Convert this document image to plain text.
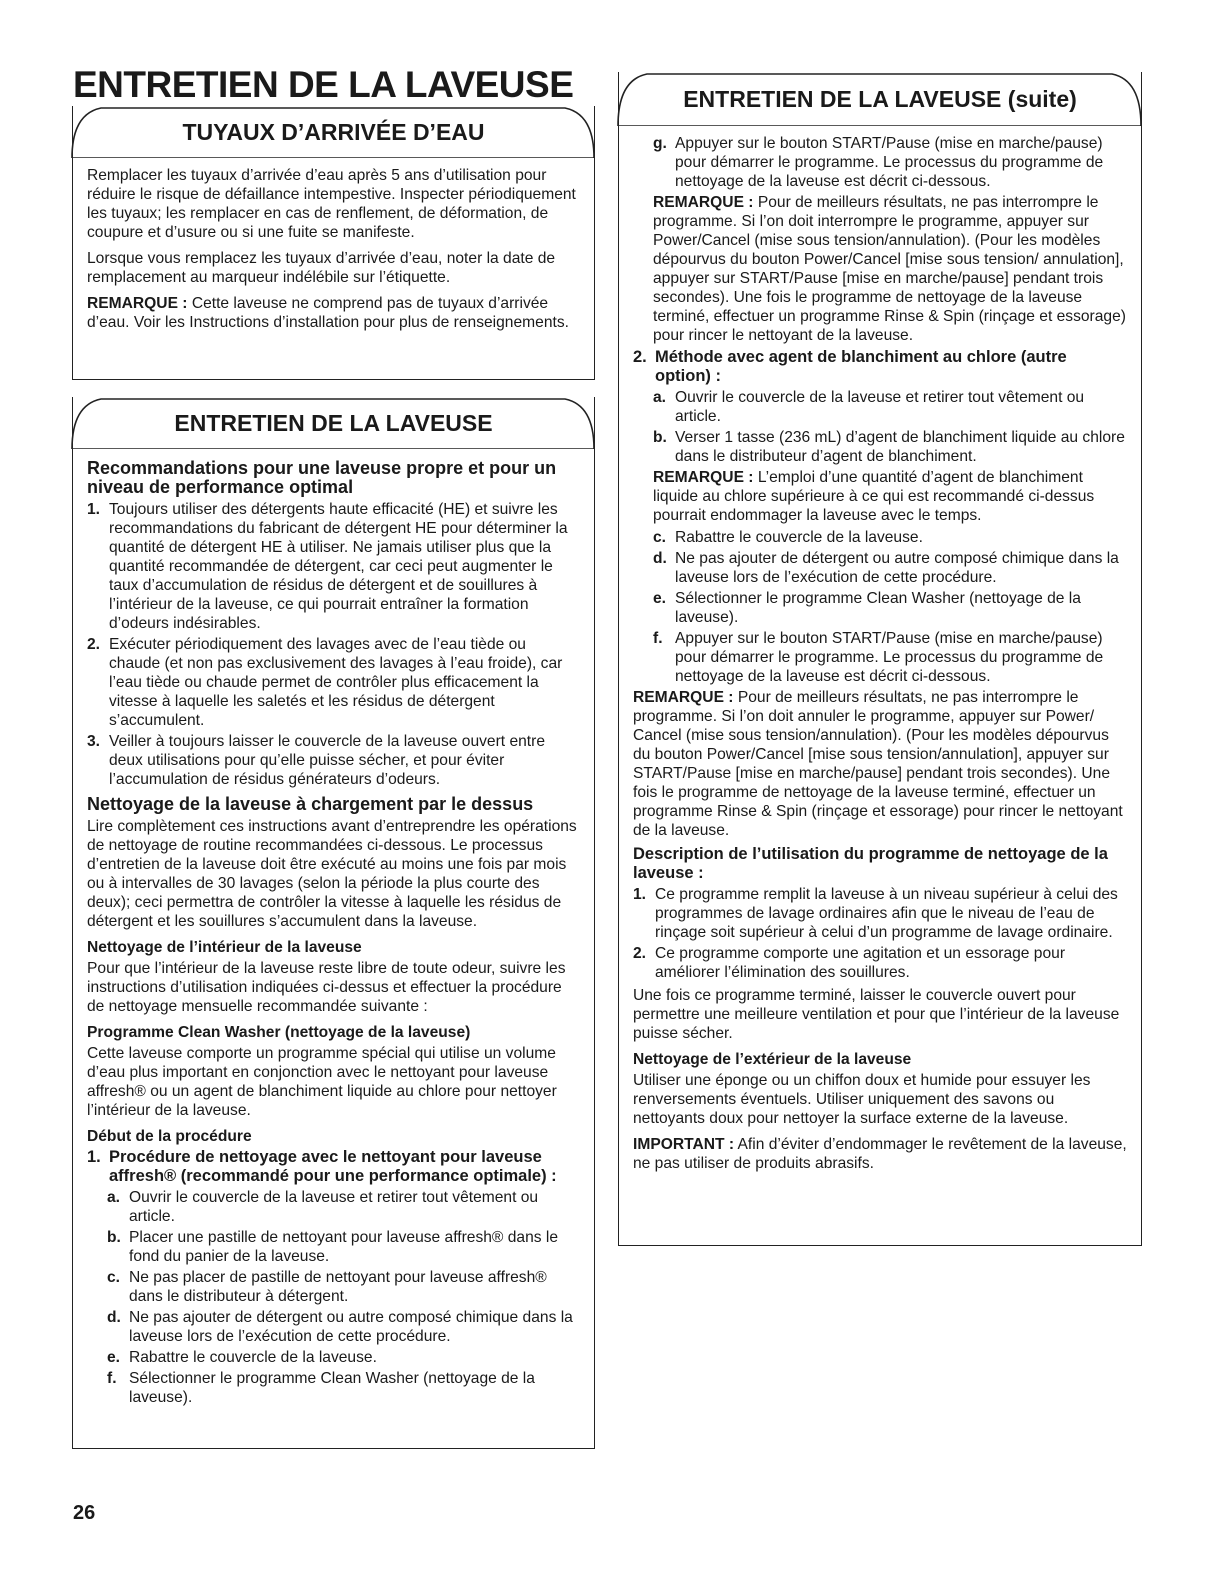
ENTRETIEN DE LA LAVEUSE
TUYAUX D’ARRIVÉE D’EAU

Remplacer les tuyaux d’arrivée d’eau après 5 ans d’utilisation pour réduire le risque de défaillance intempestive. Inspecter périodiquement les tuyaux; les remplacer en cas de renflement, de déformation, de coupure et d’usure ou si une fuite se manifeste.

Lorsque vous remplacez les tuyaux d’arrivée d’eau, noter la date de remplacement au marqueur indélébile sur l’étiquette.

REMARQUE : Cette laveuse ne comprend pas de tuyaux d’arrivée d’eau. Voir les Instructions d’installation pour plus de renseignements.

ENTRETIEN DE LA LAVEUSE
Recommandations pour une laveuse propre et pour un niveau de performance optimal
1. Toujours utiliser des détergents haute efficacité (HE) et suivre les recommandations du fabricant de détergent HE pour déterminer la quantité de détergent HE à utiliser. Ne jamais utiliser plus que la quantité recommandée de détergent, car ceci peut augmenter le taux d’accumulation de résidus de détergent et de souillures à l’intérieur de la laveuse, ce qui pourrait entraîner la formation d’odeurs indésirables.
2. Exécuter périodiquement des lavages avec de l’eau tiède ou chaude (et non pas exclusivement des lavages à l’eau froide), car l’eau tiède ou chaude permet de contrôler plus efficacement la vitesse à laquelle les saletés et les résidus de détergent s’accumulent.
3. Veiller à toujours laisser le couvercle de la laveuse ouvert entre deux utilisations pour qu’elle puisse sécher, et pour éviter l’accumulation de résidus générateurs d’odeurs.
Nettoyage de la laveuse à chargement par le dessus

Lire complètement ces instructions avant d’entreprendre les opérations de nettoyage de routine recommandées ci-dessous. Le processus d’entretien de la laveuse doit être exécuté au moins une fois par mois ou à intervalles de 30 lavages (selon la période la plus courte des deux); ceci permettra de contrôler la vitesse à laquelle les résidus de détergent et les souillures s’accumulent dans la laveuse.

Nettoyage de l’intérieur de la laveuse

Pour que l’intérieur de la laveuse reste libre de toute odeur, suivre les instructions d’utilisation indiquées ci-dessus et effectuer la procédure de nettoyage mensuelle recommandée suivante :

Programme Clean Washer (nettoyage de la laveuse)

Cette laveuse comporte un programme spécial qui utilise un volume d’eau plus important en conjonction avec le nettoyant pour laveuse affresh® ou un agent de blanchiment liquide au chlore pour nettoyer l’intérieur de la laveuse.

Début de la procédure
1. Procédure de nettoyage avec le nettoyant pour laveuse affresh® (recommandé pour une performance optimale) :
a. Ouvrir le couvercle de la laveuse et retirer tout vêtement ou article.
b. Placer une pastille de nettoyant pour laveuse affresh® dans le fond du panier de la laveuse.
c. Ne pas placer de pastille de nettoyant pour laveuse affresh® dans le distributeur à détergent.
d. Ne pas ajouter de détergent ou autre composé chimique dans la laveuse lors de l’exécution de cette procédure.
e. Rabattre le couvercle de la laveuse.
f. Sélectionner le programme Clean Washer (nettoyage de la laveuse).
ENTRETIEN DE LA LAVEUSE (suite)
g. Appuyer sur le bouton START/Pause (mise en marche/pause) pour démarrer le programme. Le processus du programme de nettoyage de la laveuse est décrit ci-dessous.

REMARQUE : Pour de meilleurs résultats, ne pas interrompre le programme. Si l’on doit interrompre le programme, appuyer sur Power/Cancel (mise sous tension/annulation). (Pour les modèles dépourvus du bouton Power/Cancel [mise sous tension/ annulation], appuyer sur START/Pause [mise en marche/pause] pendant trois secondes). Une fois le programme de nettoyage de la laveuse terminé, effectuer un programme Rinse & Spin (rinçage et essorage) pour rincer le nettoyant de la laveuse.

2. Méthode avec agent de blanchiment au chlore (autre option) :
a. Ouvrir le couvercle de la laveuse et retirer tout vêtement ou article.
b. Verser 1 tasse (236 mL) d’agent de blanchiment liquide au chlore dans le distributeur d’agent de blanchiment.

REMARQUE : L’emploi d’une quantité d’agent de blanchiment liquide au chlore supérieure à ce qui est recommandé ci-dessus pourrait endommager la laveuse avec le temps.

c. Rabattre le couvercle de la laveuse.
d. Ne pas ajouter de détergent ou autre composé chimique dans la laveuse lors de l’exécution de cette procédure.
e. Sélectionner le programme Clean Washer (nettoyage de la laveuse).
f. Appuyer sur le bouton START/Pause (mise en marche/pause) pour démarrer le programme. Le processus du programme de nettoyage de la laveuse est décrit ci-dessous.

REMARQUE : Pour de meilleurs résultats, ne pas interrompre le programme. Si l’on doit annuler le programme, appuyer sur Power/ Cancel (mise sous tension/annulation). (Pour les modèles dépourvus du bouton Power/Cancel [mise sous tension/annulation], appuyer sur START/Pause [mise en marche/pause] pendant trois secondes). Une fois le programme de nettoyage de la laveuse terminé, effectuer un programme Rinse & Spin (rinçage et essorage) pour rincer le nettoyant de la laveuse.

Description de l’utilisation du programme de nettoyage de la laveuse :
1. Ce programme remplit la laveuse à un niveau supérieur à celui des programmes de lavage ordinaires afin que le niveau de l’eau de rinçage soit supérieur à celui d’un programme de lavage ordinaire.
2. Ce programme comporte une agitation et un essorage pour améliorer l’élimination des souillures.

Une fois ce programme terminé, laisser le couvercle ouvert pour permettre une meilleure ventilation et pour que l’intérieur de la laveuse puisse sécher.

Nettoyage de l’extérieur de la laveuse

Utiliser une éponge ou un chiffon doux et humide pour essuyer les renversements éventuels. Utiliser uniquement des savons ou nettoyants doux pour nettoyer la surface externe de la laveuse.

IMPORTANT : Afin d’éviter d’endommager le revêtement de la laveuse, ne pas utiliser de produits abrasifs.

26
